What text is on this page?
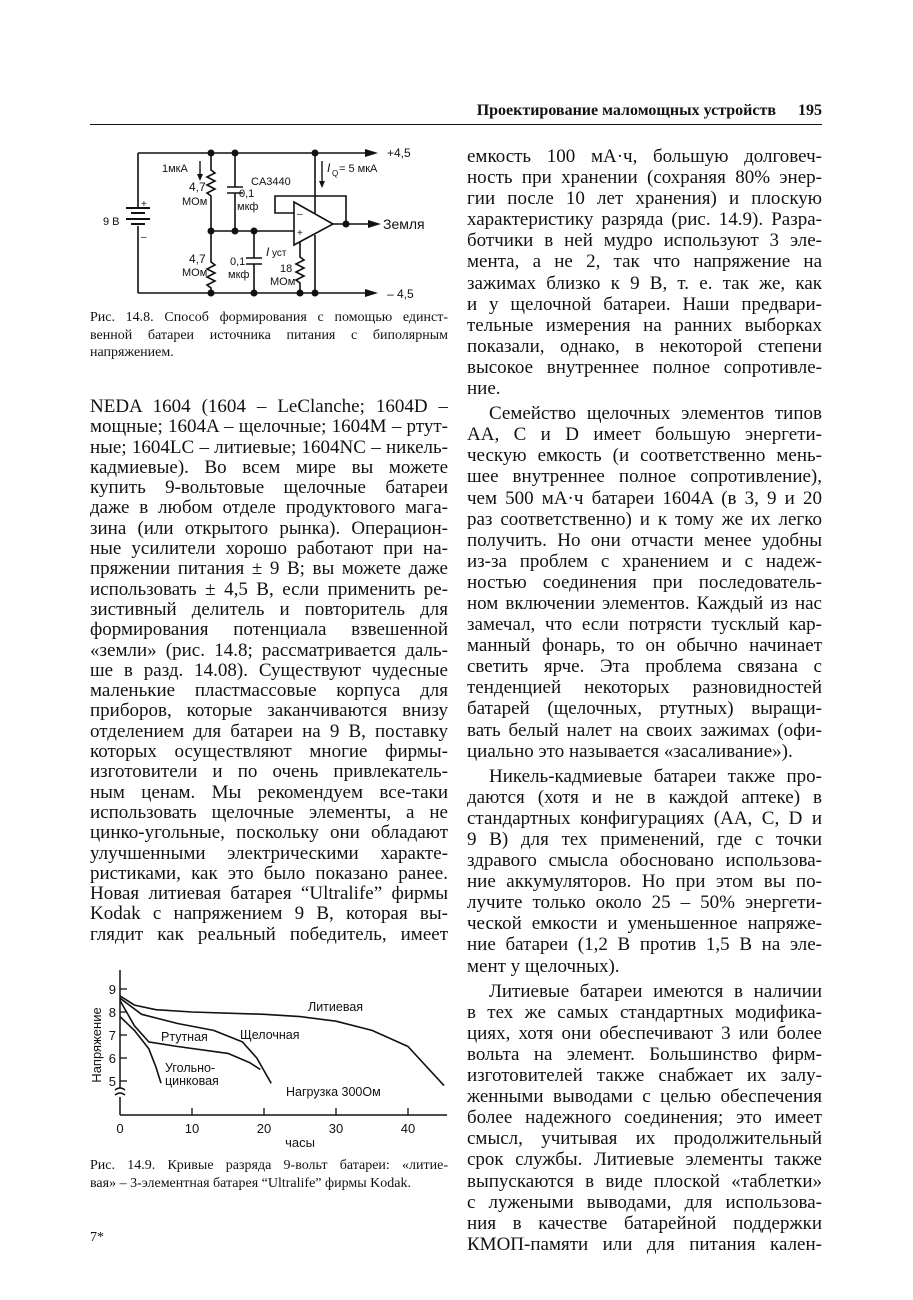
Проектирование маломощных устройств 195
+4,5
– 4,5
I Q = 5 мкА
CA3440
1мкА
4,7
МОм
0,1
мкф
4,7
МОм
0,1
мкф
I уст
18
МОм
9 В
+
–
–
+
Земля
Рис. 14.8. Способ формирования с помощью единст-
венной батареи источника питания с биполярным
напряжением.
NEDA 1604 (1604 – LeClanche; 1604D –
мощные; 1604A – щелочные; 1604M – ртут-
ные; 1604LC – литиевые; 1604NC – никель-
кадмиевые). Во всем мире вы можете
купить 9-вольтовые щелочные батареи
даже в любом отделе продуктового мага-
зина (или открытого рынка). Операцион-
ные усилители хорошо работают при на-
пряжении питания ± 9 В; вы можете даже
использовать ± 4,5 В, если применить ре-
зистивный делитель и повторитель для
формирования потенциала взвешенной
«земли» (рис. 14.8; рассматривается даль-
ше в разд. 14.08). Существуют чудесные
маленькие пластмассовые корпуса для
приборов, которые заканчиваются внизу
отделением для батареи на 9 В, поставку
которых осуществляют многие фирмы-
изготовители и по очень привлекатель-
ным ценам. Мы рекомендуем все-таки
использовать щелочные элементы, а не
цинко-угольные, поскольку они обладают
улучшенными электрическими характе-
ристиками, как это было показано ранее.
Новая литиевая батарея “Ultralife” фирмы
Kodak с напряжением 9 В, которая вы-
глядит как реальный победитель, имеет
емкость 100 мА·ч, большую долговеч-
ность при хранении (сохраняя 80% энер-
гии после 10 лет хранения) и плоскую
характеристику разряда (рис. 14.9). Разра-
ботчики в ней мудро используют 3 эле-
мента, а не 2, так что напряжение на
зажимах близко к 9 В, т. е. так же, как
и у щелочной батареи. Наши предвари-
тельные измерения на ранних выборках
показали, однако, в некоторой степени
высокое внутреннее полное сопротивле-
ние.
Семейство щелочных элементов типов
AA, C и D имеет большую энергети-
ческую емкость (и соответственно мень-
шее внутреннее полное сопротивление),
чем 500 мА·ч батареи 1604A (в 3, 9 и 20
раз соответственно) и к тому же их легко
получить. Но они отчасти менее удобны
из-за проблем с хранением и с надеж-
ностью соединения при последователь-
ном включении элементов. Каждый из нас
замечал, что если потрясти тусклый кар-
манный фонарь, то он обычно начинает
светить ярче. Эта проблема связана с
тенденцией некоторых разновидностей
батарей (щелочных, ртутных) выращи-
вать белый налет на своих зажимах (офи-
циально это называется «засаливание»).
Никель-кадмиевые батареи также про-
даются (хотя и не в каждой аптеке) в
стандартных конфигурациях (AA, C, D и
9 В) для тех применений, где с точки
здравого смысла обосновано использова-
ние аккумуляторов. Но при этом вы по-
лучите только около 25 – 50% энергети-
ческой емкости и уменьшенное напряже-
ние батареи (1,2 В против 1,5 В на эле-
мент у щелочных).
Литиевые батареи имеются в наличии
в тех же самых стандартных модифика-
циях, хотя они обеспечивают 3 или более
вольта на элемент. Большинство фирм-
изготовителей также снабжает их залу-
женными выводами с целью обеспечения
более надежного соединения; это имеет
смысл, учитывая их продолжительный
срок службы. Литиевые элементы также
выпускаются в виде плоской «таблетки»
с лужеными выводами, для использова-
ния в качестве батарейной поддержки
КМОП-памяти или для питания кален-
5
6
7
8
9
0	10	20	30	40
часы
Напряжение
Литиевая
Щелочная
Ртутная
Угольно-
цинковая
Нагрузка 300Ом
Рис. 14.9. Кривые разряда 9-вольт батареи: «литие-
вая» – 3-элементная батарея “Ultralife” фирмы Kodak.
7*
